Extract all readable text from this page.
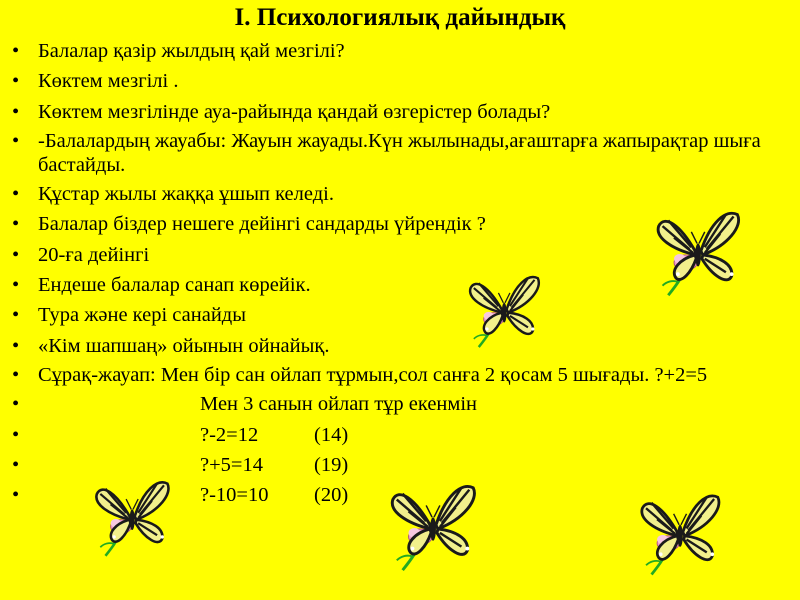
I. Психологиялық дайындық
• Балалар қазір жылдың қай мезгілі?
• Көктем мезгілі .
• Көктем мезгілінде ауа-райында қандай өзгерістер болады?
• -Балалардың жауабы: Жауын жауады.Күн жылынады,ағаштарға жапырақтар шыға бастайды.
• Құстар жылы жаққа ұшып келеді.
• Балалар біздер нешеге дейінгі сандарды үйрендік ?
• 20-ға дейінгі
• Ендеше балалар санап көрейік.
• Тура және кері санайды
• «Кім шапшаң» ойынын ойнайық.
• Сұрақ-жауап: Мен бір сан ойлап тұрмын,сол санға 2 қосам 5 шығады. ?+2=5
• Мен 3 санын ойлап тұр екенмін
• ?-2=12	(14)
• ?+5=14 (19)
• ?-10=10 (20)
